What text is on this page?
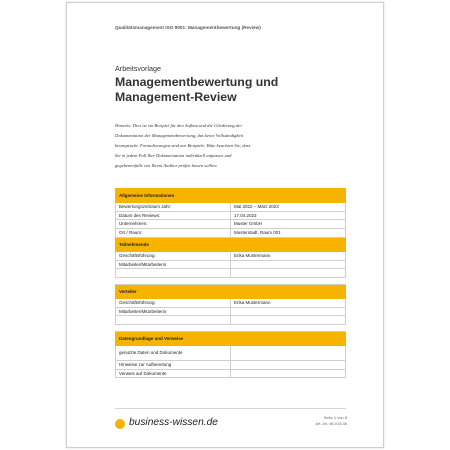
Qualitätsmanagement ISO 9001: Managementbewertung (Review)
Arbeitsvorlage
Managementbewertung und Management-Review

Hinweis: Dies ist ein Beispiel für den Aufbau und die Gliederung der

Dokumentation der Managementbewertung, das keine Vollständigkeit

beansprucht. Formulierungen sind nur Beispiele. Bitte beachten Sie, dass

Sie in jedem Fall Ihre Dokumentation individuell anpassen und

gegebenenfalls von Ihrem Auditor prüfen lassen sollten.

Allgemeine Informationen	
Bewertungszeitraum Jahr:	Mai 2022 – März 2023
Datum des Reviews:	17.04.2023
Unternehmen:	Muster GmbH
Ort / Raum:	Musterstadt, Raum 001
Teilnehmende	
Geschäftsführung:	Erika Mustermann
Mitarbeiter/Mitarbeiterin	

Verteiler	
Geschäftsführung:	Erika Mustermann
Mitarbeiter/Mitarbeiterin	

Datengrundlage und Verweise	
genutzte Daten und Dokumente	
Hinweise zur Aufbereitung	
Verweis auf Dokumente	
business-wissen.de	Seite 1 von 8
Art.-Nr. 96.015.36
